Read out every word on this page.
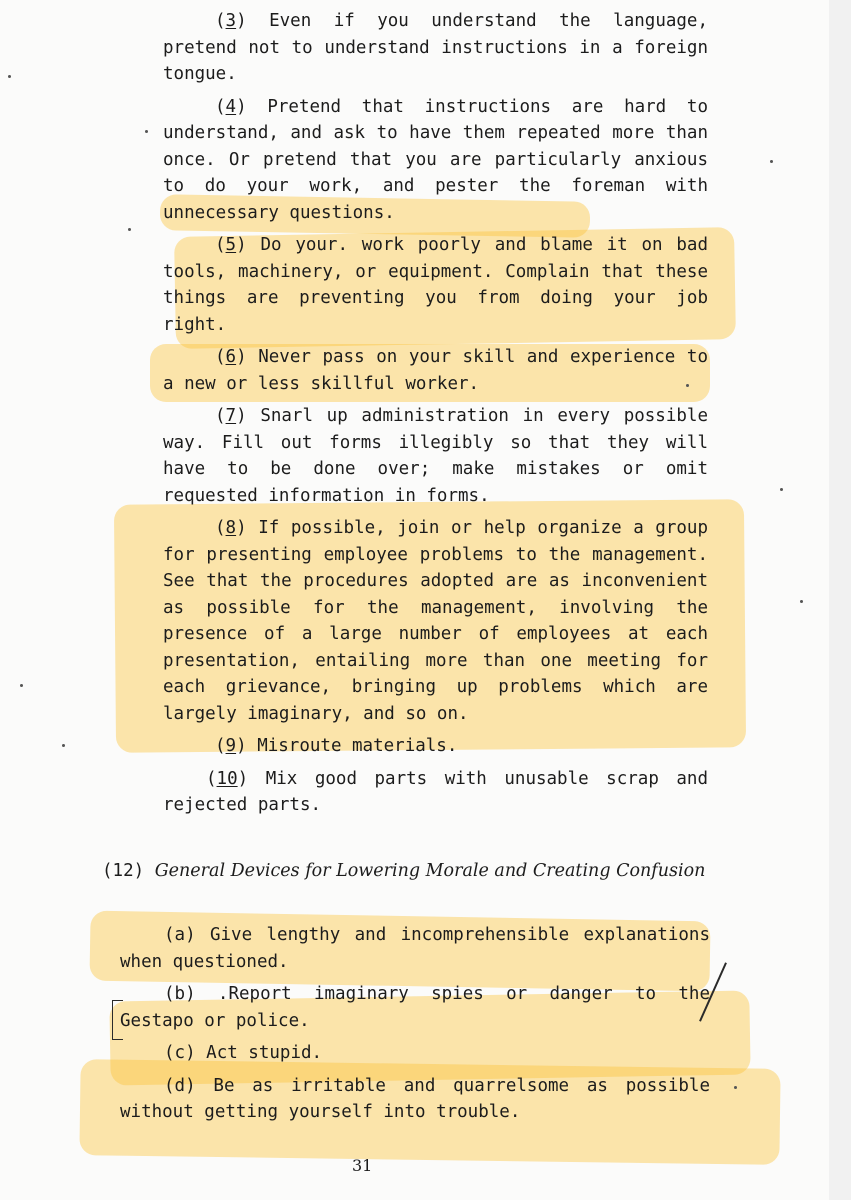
(3) Even if you understand the language, pretend not to understand instructions in a foreign tongue.

(4) Pretend that instructions are hard to understand, and ask to have them repeated more than once. Or pretend that you are particularly anxious to do your work, and pester the foreman with unnecessary questions.

(5) Do your. work poorly and blame it on bad tools, machinery, or equipment. Complain that these things are preventing you from doing your job right.

(6) Never pass on your skill and experience to a new or less skillful worker.

(7) Snarl up administration in every possible way. Fill out forms illegibly so that they will have to be done over; make mistakes or omit requested information in forms.

(8) If possible, join or help organize a group for presenting employee problems to the management. See that the procedures adopted are as inconvenient as possible for the management, involving the presence of a large number of employees at each presentation, entailing more than one meeting for each grievance, bringing up problems which are largely imaginary, and so on.

(9) Misroute materials.

(10) Mix good parts with unusable scrap and rejected parts.

(12) General Devices for Lowering Morale and Creating Confusion

(a) Give lengthy and incomprehensible explanations when questioned.

(b) .Report imaginary spies or danger to the Gestapo or police.

(c) Act stupid.

(d) Be as irritable and quarrelsome as possible without getting yourself into trouble.

31
